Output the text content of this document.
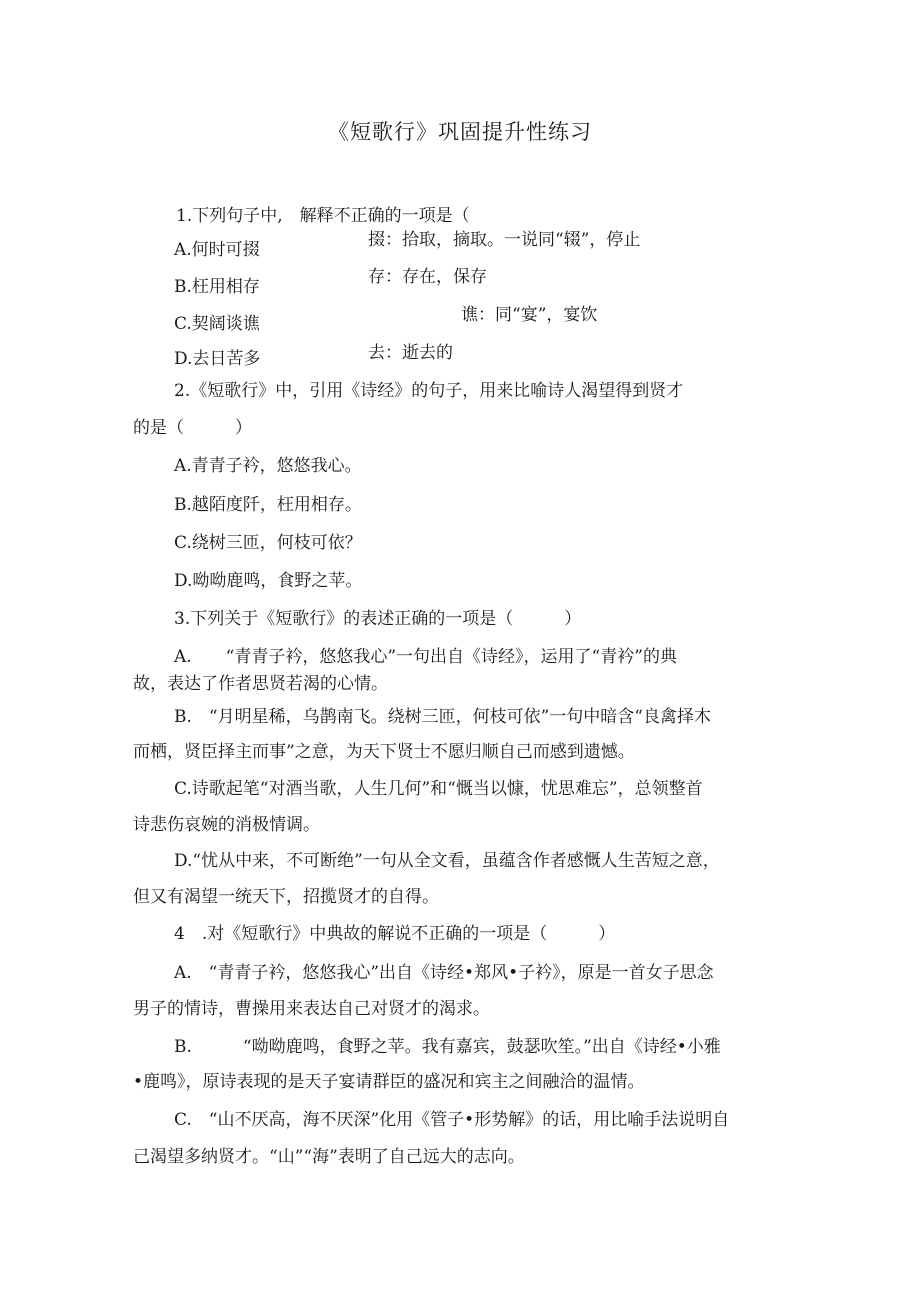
《短歌行》巩固提升性练习
1.下列句子中,　解释不正确的一项是（
A.何时可掇	掇：拾取，摘取。一说同“辍”，停止
B.枉用相存	存：存在，保存
C.契阔谈谯	谯：同“宴”，宴饮
D.去日苦多	去：逝去的
2.《短歌行》中，引用《诗经》的句子，用来比喻诗人渴望得到贤才
的是（　　　）
A.青青子衿，悠悠我心。
B.越陌度阡，枉用相存。
C.绕树三匝，何枝可依？
D.呦呦鹿鸣，食野之苹。
3.下列关于《短歌行》的表述正确的一项是（　　　）
A.　　“青青子衿，悠悠我心”一句出自《诗经》，运用了“青衿”的典
故，表达了作者思贤若渴的心情。
B.　“月明星稀，乌鹊南飞。绕树三匝，何枝可依”一句中暗含“良禽择木
而栖，贤臣择主而事”之意，为天下贤士不愿归顺自己而感到遗憾。
C.诗歌起笔“对酒当歌，人生几何”和“慨当以慷，忧思难忘”，总领整首
诗悲伤哀婉的消极情调。
D.“忧从中来，不可断绝”一句从全文看，虽蕴含作者感慨人生苦短之意，
但又有渴望一统天下，招揽贤才的自得。
4　.对《短歌行》中典故的解说不正确的一项是（　　　）
A.　“青青子衿，悠悠我心”出自《诗经•郑风•子衿》，原是一首女子思念
男子的情诗，曹操用来表达自己对贤才的渴求。
B.　　　“呦呦鹿鸣，食野之苹。我有嘉宾，鼓瑟吹笙。”出自《诗经•小雅
•鹿鸣》，原诗表现的是天子宴请群臣的盛况和宾主之间融洽的温情。
C.　“山不厌高，海不厌深”化用《管子•形势解》的话，用比喻手法说明自
己渴望多纳贤才。“山”“海”表明了自己远大的志向。
